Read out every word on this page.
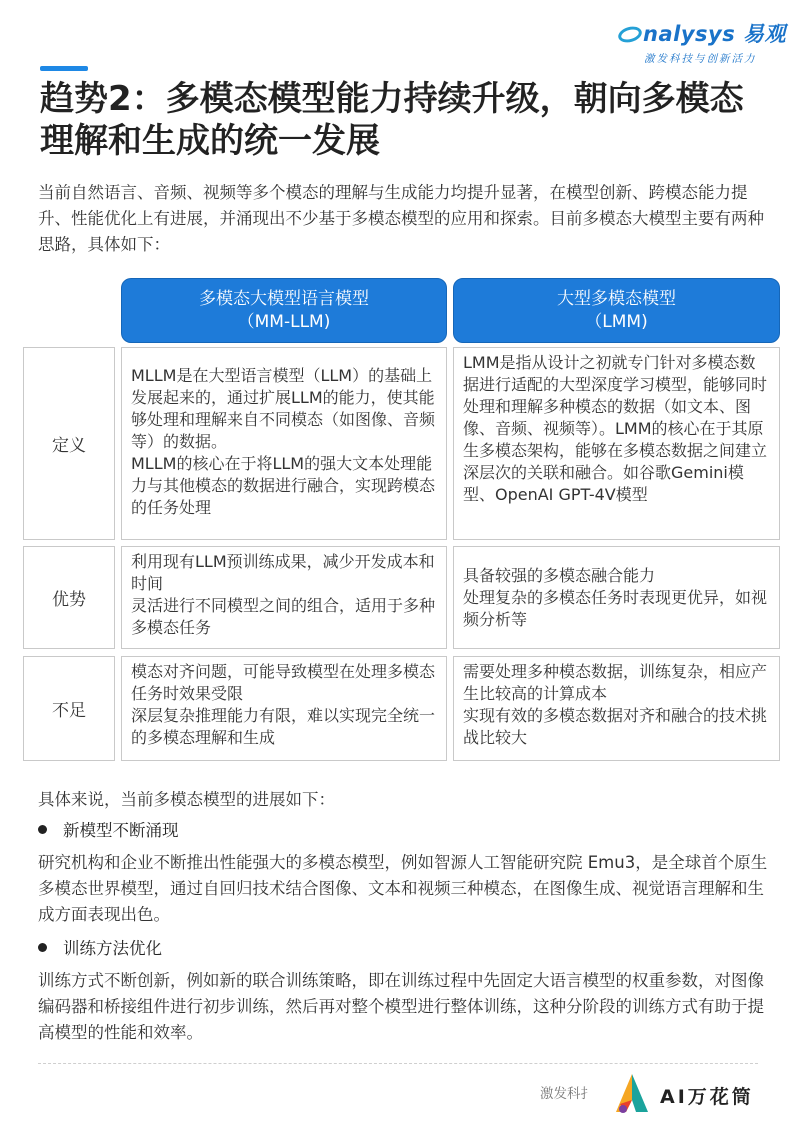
nalysys 易观
激发科技与创新活力
趋势2：多模态模型能力持续升级，朝向多模态理解和生成的统一发展

当前自然语言、音频、视频等多个模态的理解与生成能力均提升显著，在模型创新、跨模态能力提升、性能优化上有进展，并涌现出不少基于多模态模型的应用和探索。目前多模态大模型主要有两种思路，具体如下：

多模态大模型语言模型
（MM-LLM)
大型多模态模型
（LMM)
定义

MLLM是在大型语言模型（LLM）的基础上发展起来的，通过扩展LLM的能力，使其能够处理和理解来自不同模态（如图像、音频等）的数据。

MLLM的核心在于将LLM的强大文本处理能力与其他模态的数据进行融合，实现跨模态的任务处理

LMM是指从设计之初就专门针对多模态数据进行适配的大型深度学习模型，能够同时处理和理解多种模态的数据（如文本、图像、音频、视频等）。LMM的核心在于其原生多模态架构，能够在多模态数据之间建立深层次的关联和融合。如谷歌Gemini模型、OpenAI GPT-4V模型

优势

利用现有LLM预训练成果，减少开发成本和时间

灵活进行不同模型之间的组合，适用于多种多模态任务

具备较强的多模态融合能力

处理复杂的多模态任务时表现更优异，如视频分析等

不足

模态对齐问题，可能导致模型在处理多模态任务时效果受限

深层复杂推理能力有限，难以实现完全统一的多模态理解和生成

需要处理多种模态数据，训练复杂，相应产生比较高的计算成本

实现有效的多模态数据对齐和融合的技术挑战比较大

具体来说，当前多模态模型的进展如下：

新模型不断涌现

研究机构和企业不断推出性能强大的多模态模型，例如智源人工智能研究院 Emu3，是全球首个原生多模态世界模型，通过自回归技术结合图像、文本和视频三种模态，在图像生成、视觉语言理解和生成方面表现出色。

训练方法优化

训练方式不断创新，例如新的联合训练策略，即在训练过程中先固定大语言模型的权重参数，对图像编码器和桥接组件进行初步训练，然后再对整个模型进行整体训练，这种分阶段的训练方式有助于提高模型的性能和效率。

激发科扌	AI万花筒
